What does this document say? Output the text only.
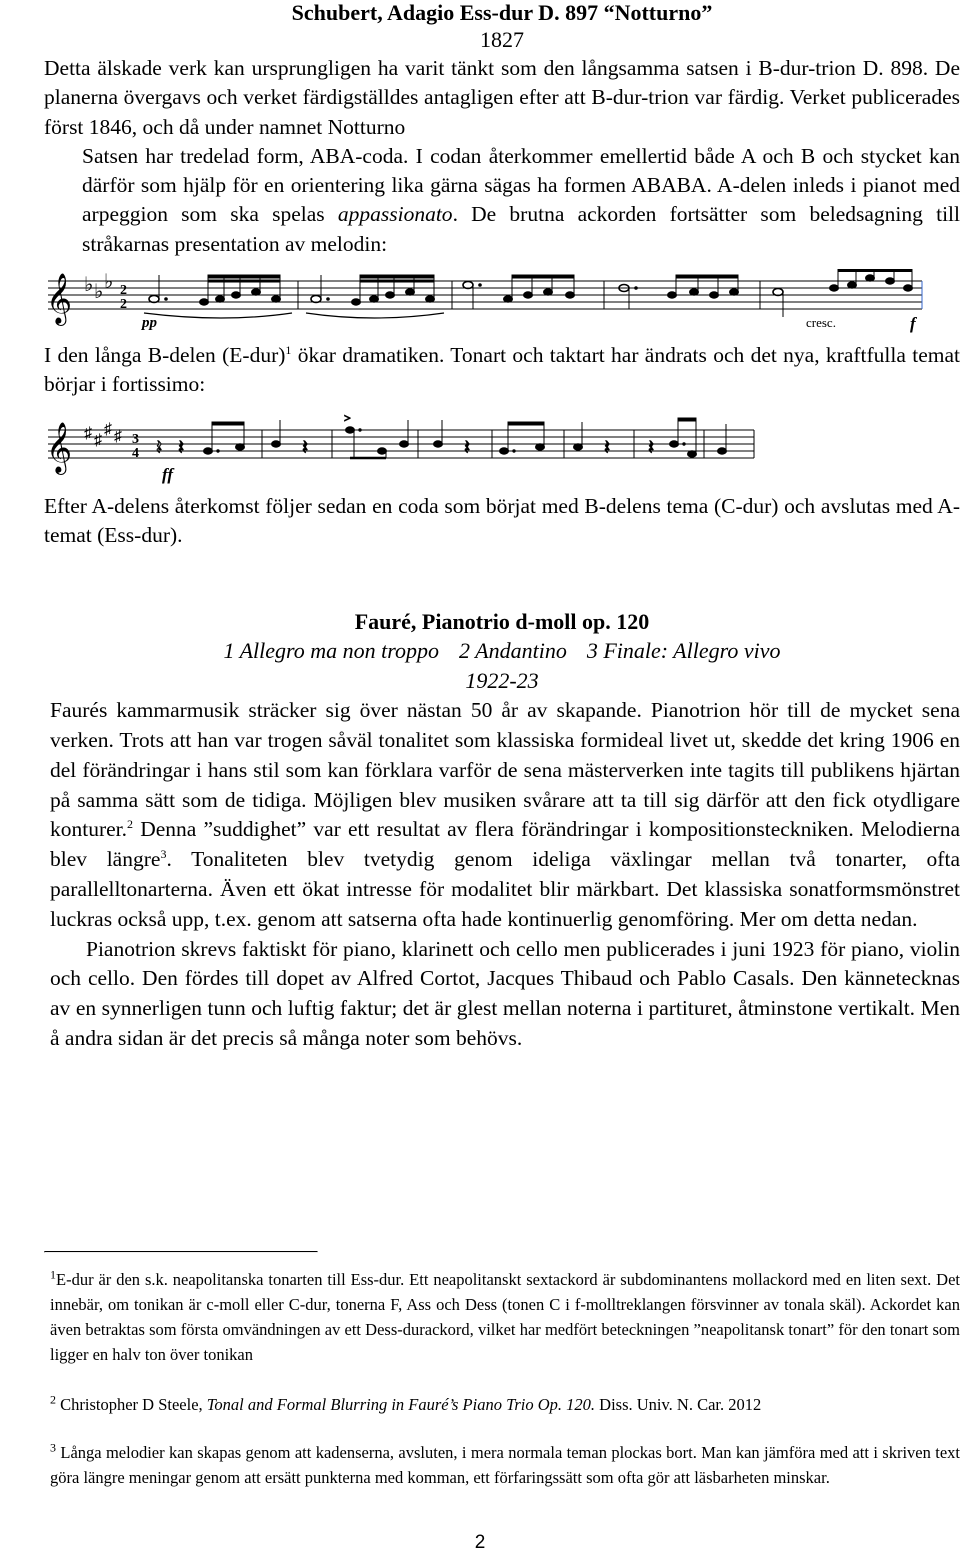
Schubert, Adagio Ess-dur D. 897 “Notturno”
1827

Detta älskade verk kan ursprungligen ha varit tänkt som den långsamma satsen i B-dur-trion D. 898. De planerna övergavs och verket färdigställdes antagligen efter att B-dur-trion var färdig. Verket publicerades först 1846, och då under namnet Notturno

Satsen har tredelad form, ABA-coda. I codan återkommer emellertid både A och B och stycket kan därför som hjälp för en orientering lika gärna sägas ha formen ABABA. A-delen inleds i pianot med arpeggion som ska spelas appassionato. De brutna ackorden fortsätter som beledsagning till stråkarnas presentation av melodin:

𝄞 ♭ ♭ ♭ 2
2
pp	cresc.	f

I den långa B-delen $(E-dur)^1$ ökar dramatiken. Tonart och taktart har ändrats och det nya, kraftfulla temat börjar i fortissimo:

𝄞 ♯ ♯
♯ ♯ 3
4 𝄽 𝄽	𝄽
>
𝄽	𝄽 𝄽
ff

Efter A-delens återkomst följer sedan en coda som börjat med B-delens tema (C-dur) och avslutas med A-temat (Ess-dur).

Fauré, Pianotrio d-moll op. 120
1 Allegro ma non troppo 2 Andantino 3 Finale: Allegro vivo
1922-23

Faurés kammarmusik sträcker sig över nästan 50 år av skapande. Pianotrion hör till de mycket sena verken. Trots att han var trogen såväl tonalitet som klassiska formideal livet ut, skedde det kring 1906 en del förändringar i hans stil som kan förklara varför de sena mästerverken inte tagits till publikens hjärtan på samma sätt som de tidiga. Möjligen blev musiken svårare att ta till sig därför att den fick otydligare konturer.$^2$ Denna ”suddighet” var ett resultat av flera förändringar i kompositionsteckniken. Melodierna blev längre$^3$. Tonaliteten blev tvetydig genom ideliga växlingar mellan två tonarter, ofta parallelltonarterna. Även ett ökat intresse för modalitet blir märkbart. Det klassiska sonatformsmönstret luckras också upp, t.ex. genom att satserna ofta hade kontinuerlig genomföring. Mer om detta nedan.

Pianotrion skrevs faktiskt för piano, klarinett och cello men publicerades i juni 1923 för piano, violin och cello. Den fördes till dopet av Alfred Cortot, Jacques Thibaud och Pablo Casals. Den kännetecknas av en synnerligen tunn och luftig faktur; det är glest mellan noterna i partituret, åtminstone vertikalt. Men å andra sidan är det precis så många noter som behövs.

$^1$E-dur är den s.k. neapolitanska tonarten till Ess-dur. Ett neapolitanskt sextackord är subdominantens mollackord med en liten sext. Det innebär, om tonikan är c-moll eller C-dur, tonerna F, Ass och Dess (tonen C i f-molltreklangen försvinner av tonala skäl). Ackordet kan även betraktas som första omvändningen av ett Dess-durackord, vilket har medfört beteckningen ”neapolitansk tonart” för den tonart som ligger en halv ton över tonikan
$^2$ Christopher D Steele, Tonal and Formal Blurring in Fauré’s Piano Trio Op. 120. Diss. Univ. N. Car. 2012
$^3$ Långa melodier kan skapas genom att kadenserna, avsluten, i mera normala teman plockas bort. Man kan jämföra med att i skriven text göra längre meningar genom att ersätt punkterna med komman, ett förfaringssätt som ofta gör att läsbarheten minskar.
2
